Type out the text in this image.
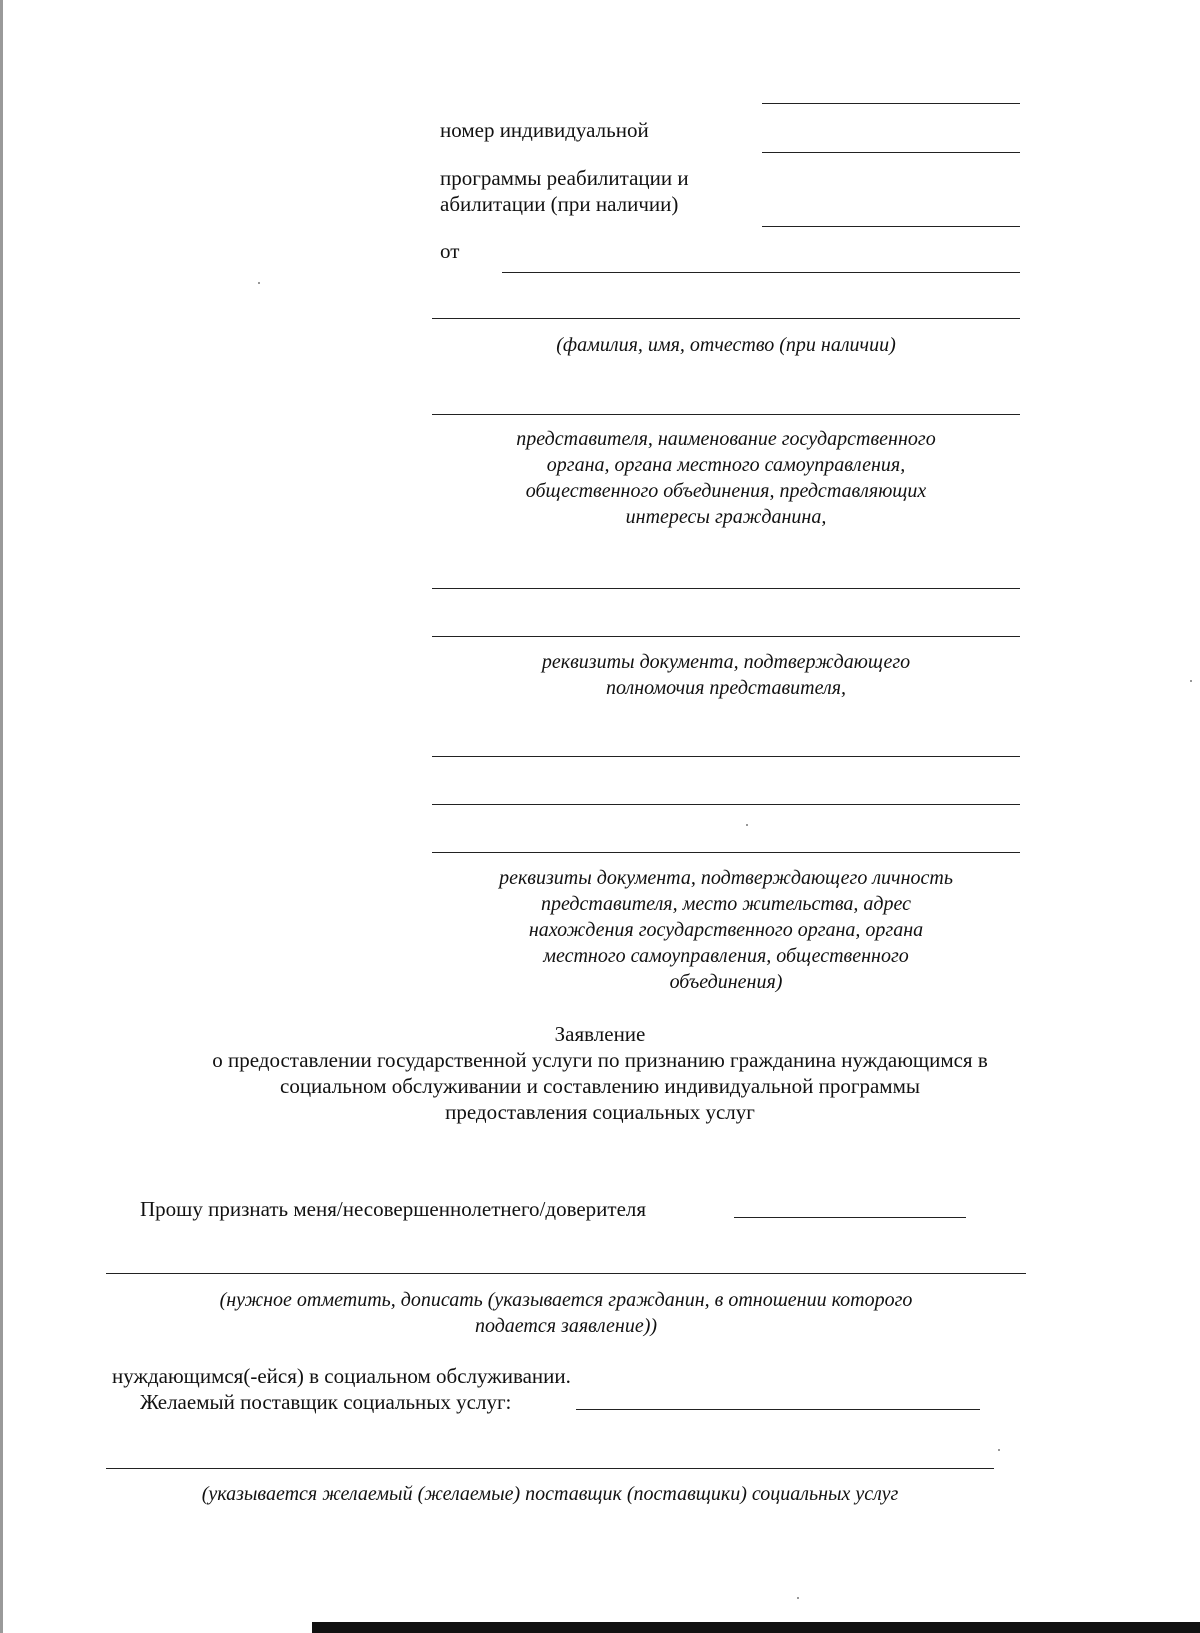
номер индивидуальной
программы реабилитации и
абилитации (при наличии)
от
(фамилия, имя, отчество (при наличии)
представителя, наименование государственного
органа, органа местного самоуправления,
общественного объединения, представляющих
интересы гражданина,
реквизиты документа, подтверждающего
полномочия представителя,
реквизиты документа, подтверждающего личность
представителя, место жительства, адрес
нахождения государственного органа, органа
местного самоуправления, общественного
объединения)
Заявление
о предоставлении государственной услуги по признанию гражданина нуждающимся в
социальном обслуживании и составлению индивидуальной программы
предоставления социальных услуг
Прошу признать меня/несовершеннолетнего/доверителя
(нужное отметить, дописать (указывается гражданин, в отношении которого
подается заявление))
нуждающимся(-ейся) в социальном обслуживании.
Желаемый поставщик социальных услуг:
(указывается желаемый (желаемые) поставщик (поставщики) социальных услуг
